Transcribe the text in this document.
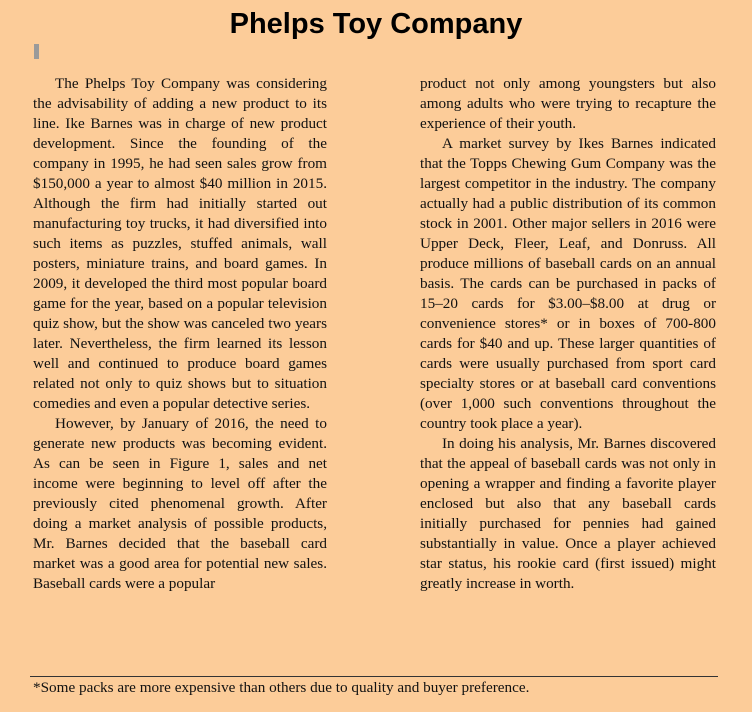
Phelps Toy Company

The Phelps Toy Company was considering the advisability of adding a new product to its line. Ike Barnes was in charge of new product development. Since the founding of the company in 1995, he had seen sales grow from $150,000 a year to almost $40 million in 2015. Although the firm had initially started out manufacturing toy trucks, it had diversified into such items as puzzles, stuffed animals, wall posters, miniature trains, and board games. In 2009, it developed the third most popular board game for the year, based on a popular television quiz show, but the show was canceled two years later. Nevertheless, the firm learned its lesson well and continued to produce board games related not only to quiz shows but to situation comedies and even a popular detective series.

However, by January of 2016, the need to generate new products was becoming evident. As can be seen in Figure 1, sales and net income were beginning to level off after the previously cited phenomenal growth. After doing a market analysis of possible products, Mr. Barnes decided that the baseball card market was a good area for potential new sales. Baseball cards were a popular

product not only among youngsters but also among adults who were trying to recapture the experience of their youth.

A market survey by Ikes Barnes indicated that the Topps Chewing Gum Company was the largest competitor in the industry. The company actually had a public distribution of its common stock in 2001. Other major sellers in 2016 were Upper Deck, Fleer, Leaf, and Donruss. All produce millions of baseball cards on an annual basis. The cards can be purchased in packs of 15–20 cards for $3.00–$8.00 at drug or convenience stores* or in boxes of 700-800 cards for $40 and up. These larger quantities of cards were usually purchased from sport card specialty stores or at baseball card conventions (over 1,000 such conventions throughout the country took place a year).

In doing his analysis, Mr. Barnes discovered that the appeal of baseball cards was not only in opening a wrapper and finding a favorite player enclosed but also that any baseball cards initially purchased for pennies had gained substantially in value. Once a player achieved star status, his rookie card (first issued) might greatly increase in worth.

*Some packs are more expensive than others due to quality and buyer preference.
